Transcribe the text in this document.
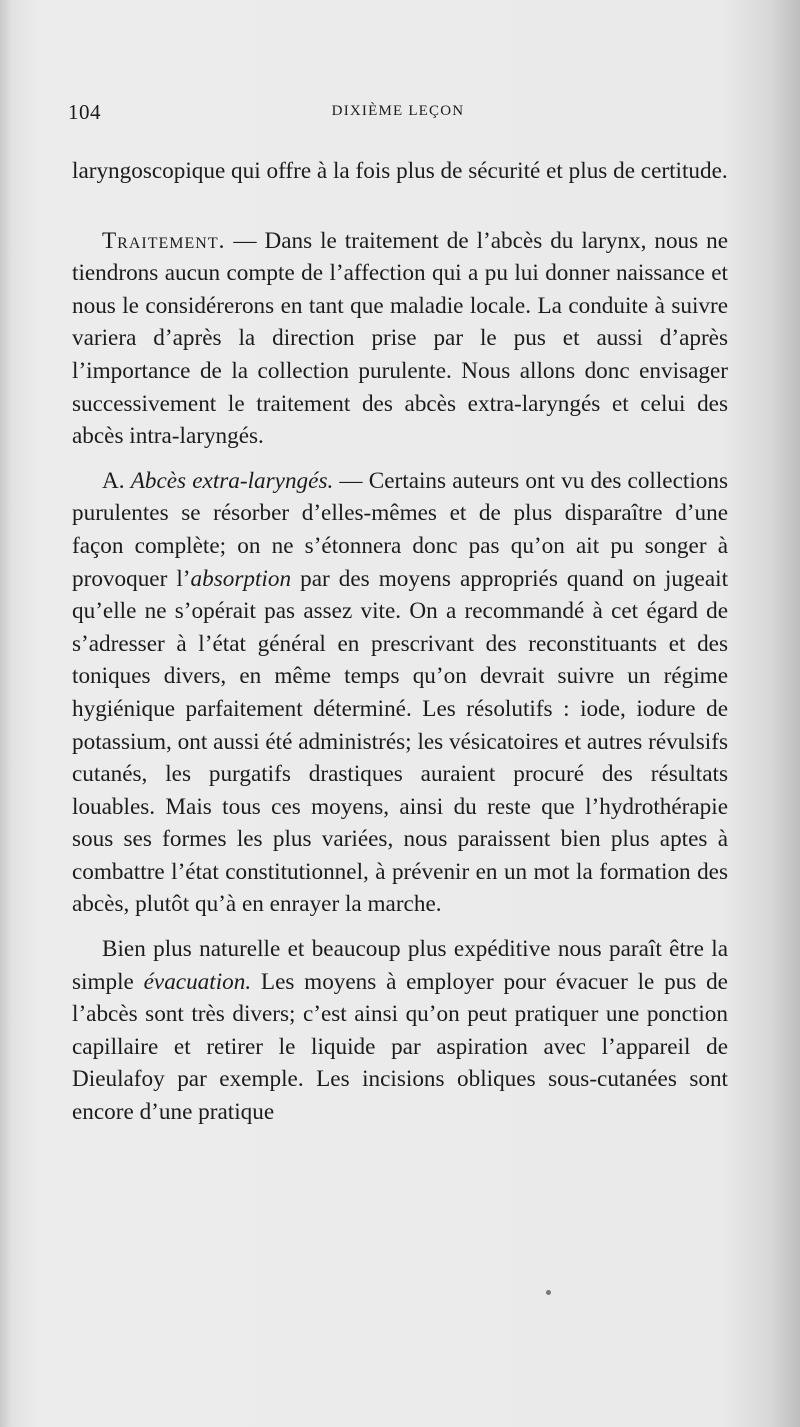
104	DIXIÈME LEÇON

laryngoscopique qui offre à la fois plus de sécurité et plus de certitude.

Traitement. — Dans le traitement de l’abcès du larynx, nous ne tiendrons aucun compte de l’affection qui a pu lui donner naissance et nous le considérerons en tant que maladie locale. La conduite à suivre variera d’après la direction prise par le pus et aussi d’après l’importance de la collection purulente. Nous allons donc envisager successivement le traitement des abcès extra-laryngés et celui des abcès intra-laryngés.

A. Abcès extra-laryngés. — Certains auteurs ont vu des collections purulentes se résorber d’elles-mêmes et de plus disparaître d’une façon complète; on ne s’étonnera donc pas qu’on ait pu songer à provoquer l’absorption par des moyens appropriés quand on jugeait qu’elle ne s’opérait pas assez vite. On a recommandé à cet égard de s’adresser à l’état général en prescrivant des reconstituants et des toniques divers, en même temps qu’on devrait suivre un régime hygiénique parfaitement déterminé. Les résolutifs : iode, iodure de potassium, ont aussi été administrés; les vésicatoires et autres révulsifs cutanés, les purgatifs drastiques auraient procuré des résultats louables. Mais tous ces moyens, ainsi du reste que l’hydrothérapie sous ses formes les plus variées, nous paraissent bien plus aptes à combattre l’état constitutionnel, à prévenir en un mot la formation des abcès, plutôt qu’à en enrayer la marche.

Bien plus naturelle et beaucoup plus expéditive nous paraît être la simple évacuation. Les moyens à employer pour évacuer le pus de l’abcès sont très divers; c’est ainsi qu’on peut pratiquer une ponction capillaire et retirer le liquide par aspiration avec l’appareil de Dieulafoy par exemple. Les incisions obliques sous-cutanées sont encore d’une pratique
